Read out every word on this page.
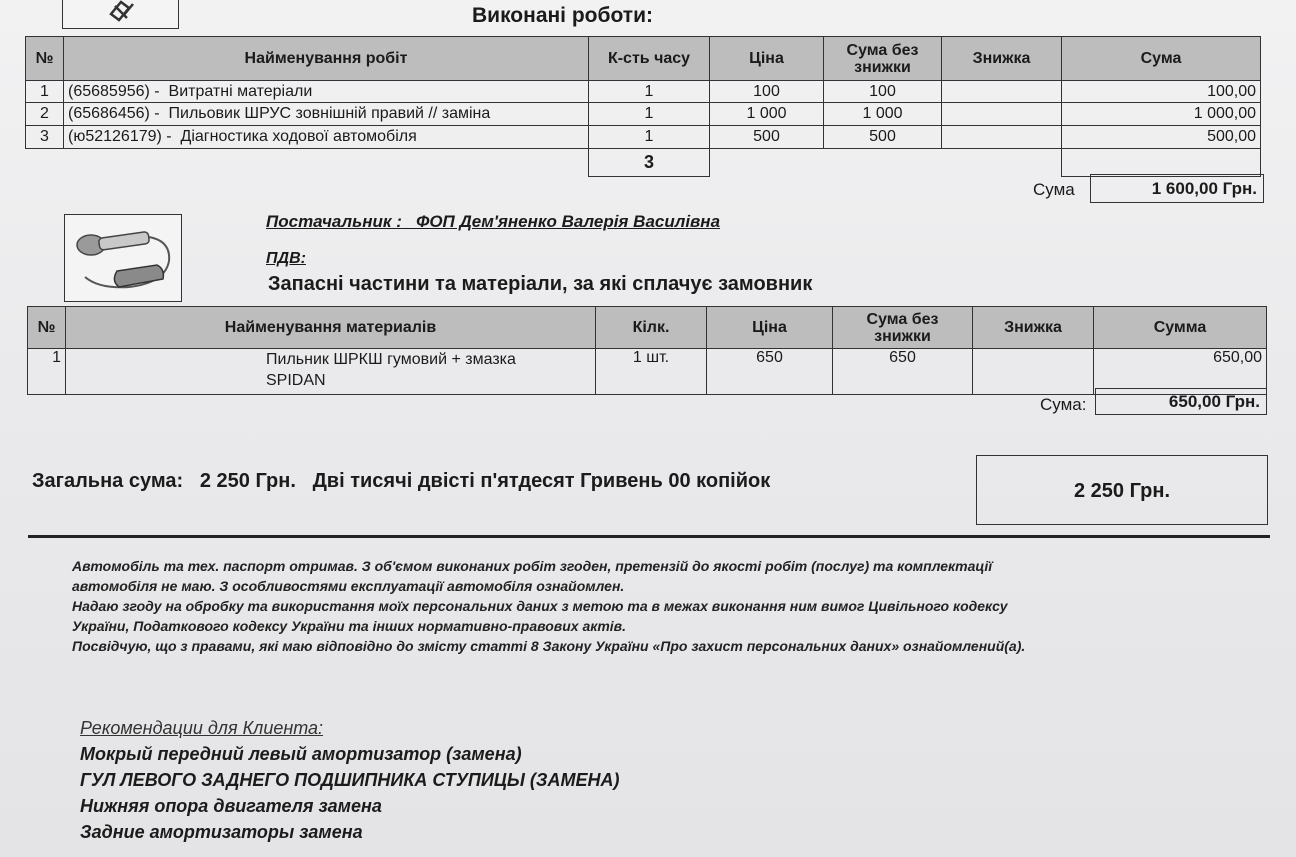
Виконані роботи:
№	Найменування робіт	К-сть часу	Ціна	Сума без
знижки	Знижка	Сума
1	(65685956) - Витратні матеріали	1	100	100		100,00
2	(65686456) - Пильовик ШРУС зовнішній правий // заміна	1	1 000	1 000		1 000,00
3	(ю52126179) - Діагностика ходової автомобіля	1	500	500		500,00
		3				
Сума	1 600,00 Грн.
Постачальник : ФОП Дем'яненко Валерія Василівна
ПДВ:
Запасні частини та матеріали, за які сплачує замовник
№	Найменування материалів	Кілк.	Ціна	Сума без
знижки	Знижка	Сумма
1	Пильник ШРКШ гумовий + змазка
SPIDAN	1 шт.	650	650		650,00
Сума:	650,00 Грн.
Загальна сума: 2 250 Грн. Дві тисячі двісті п'ятдесят Гривень 00 копійок	2 250 Грн.
Автомобіль та тех. паспорт отримав. З об'ємом виконаних робіт згоден, претензій до якості робіт (послуг) та комплектації
автомобіля не маю. З особливостями експлуатації автомобіля ознайомлен.
Надаю згоду на обробку та використання моїх персональних даних з метою та в межах виконання ним вимог Цивільного кодексу
України, Податкового кодексу України та інших нормативно-правових актів.
Посвідчую, що з правами, які маю відповідно до змісту статті 8 Закону України «Про захист персональних даних» ознайомлений(а).
Рекомендации для Клиента:
Мокрый передний левый амортизатор (замена)
ГУЛ ЛЕВОГО ЗАДНЕГО ПОДШИПНИКА СТУПИЦЫ (ЗАМЕНА)
Нижняя опора двигателя замена
Задние амортизаторы замена
